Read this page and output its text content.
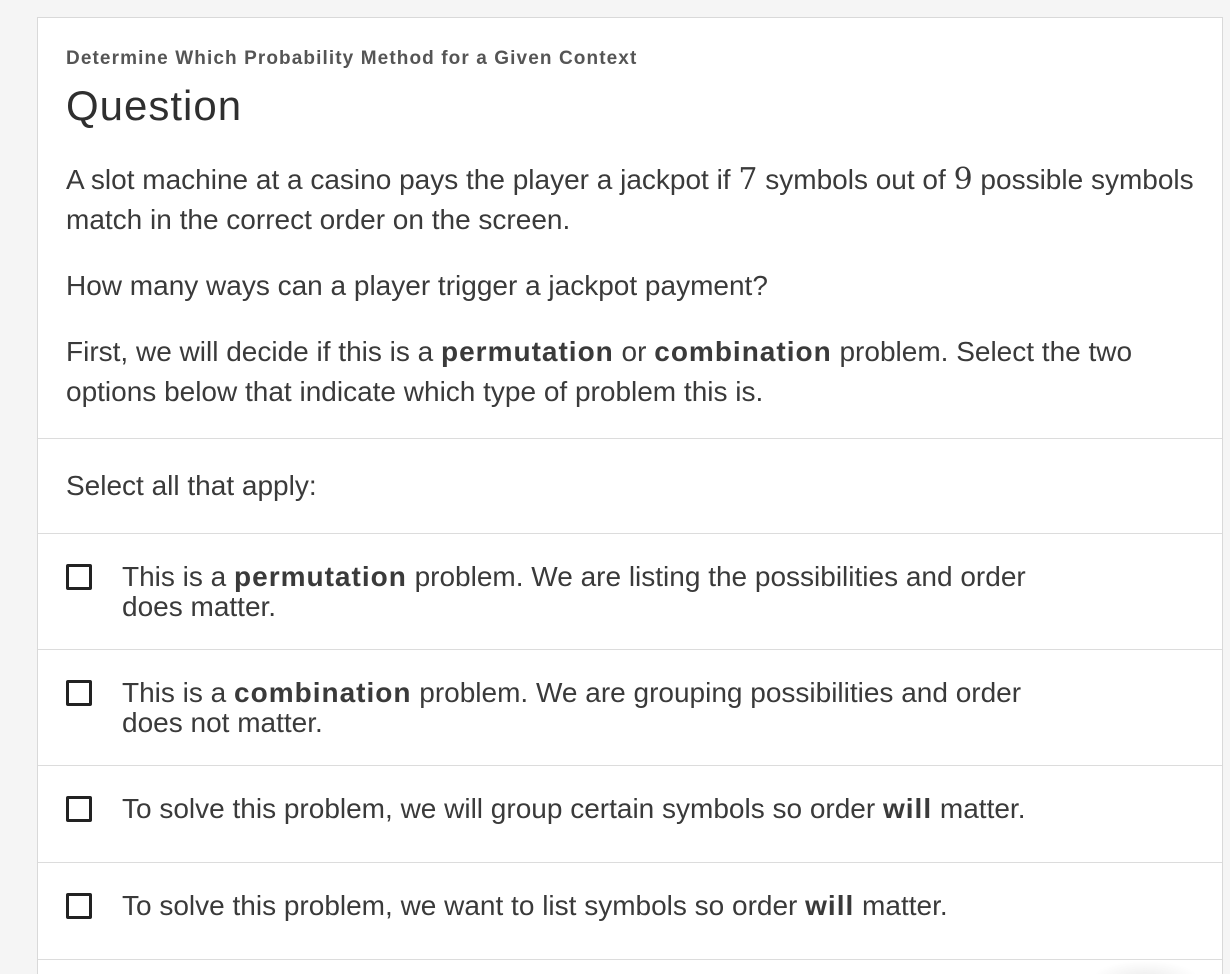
Determine Which Probability Method for a Given Context

Question

A slot machine at a casino pays the player a jackpot if 7 symbols out of 9 possible symbols match in the correct order on the screen.

How many ways can a player trigger a jackpot payment?

First, we will decide if this is a permutation or combination problem. Select the two options below that indicate which type of problem this is.

Select all that apply:
This is a permutation problem. We are listing the possibilities and order does matter.
This is a combination problem. We are grouping possibilities and order does not matter.
To solve this problem, we will group certain symbols so order will matter.
To solve this problem, we want to list symbols so order will matter.
